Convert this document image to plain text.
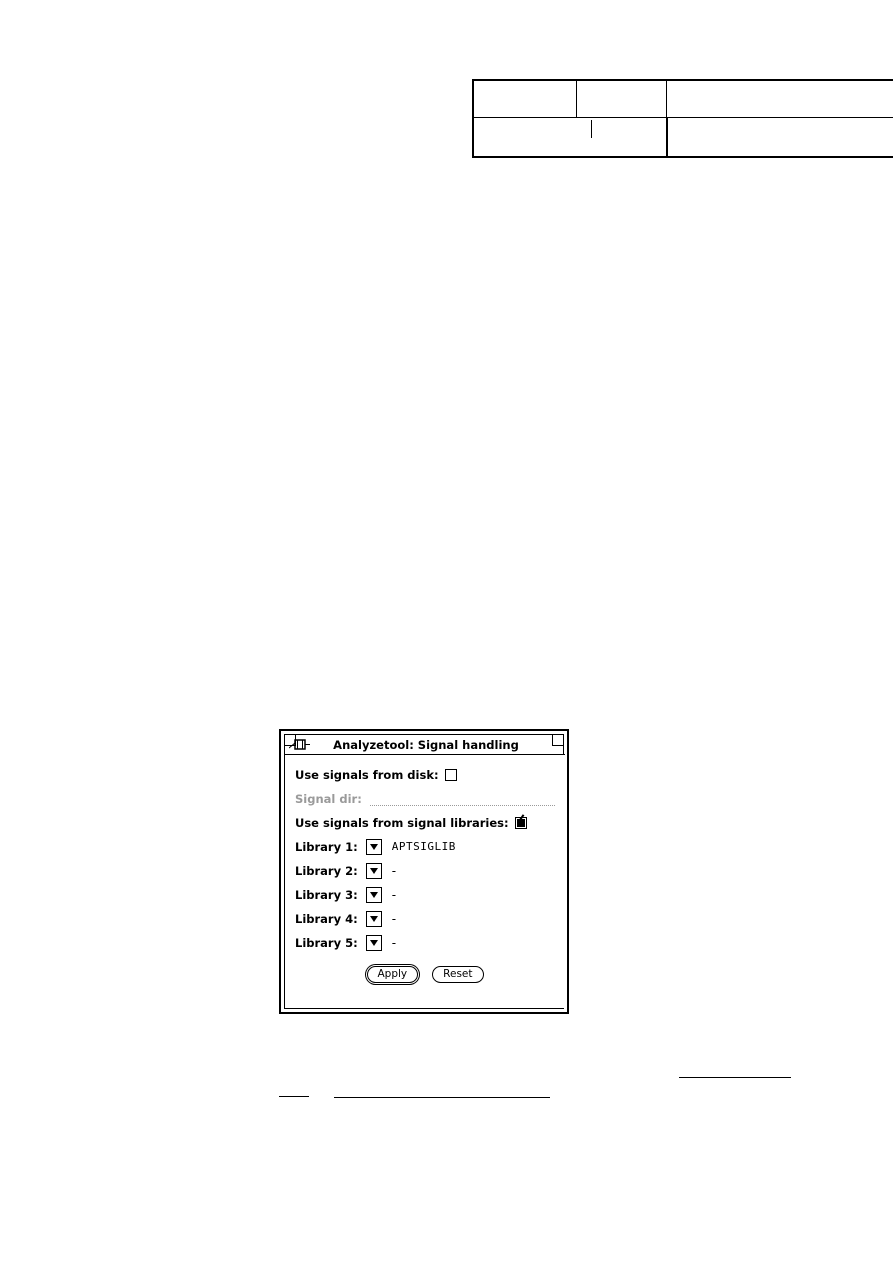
Analyzetool: Signal handling
Use signals from disk:
Signal dir:
Use signals from signal libraries:
Library 1:	APTSIGLIB
Library 2:	-
Library 3:	-
Library 4:	-
Library 5:	-
Apply	Reset
